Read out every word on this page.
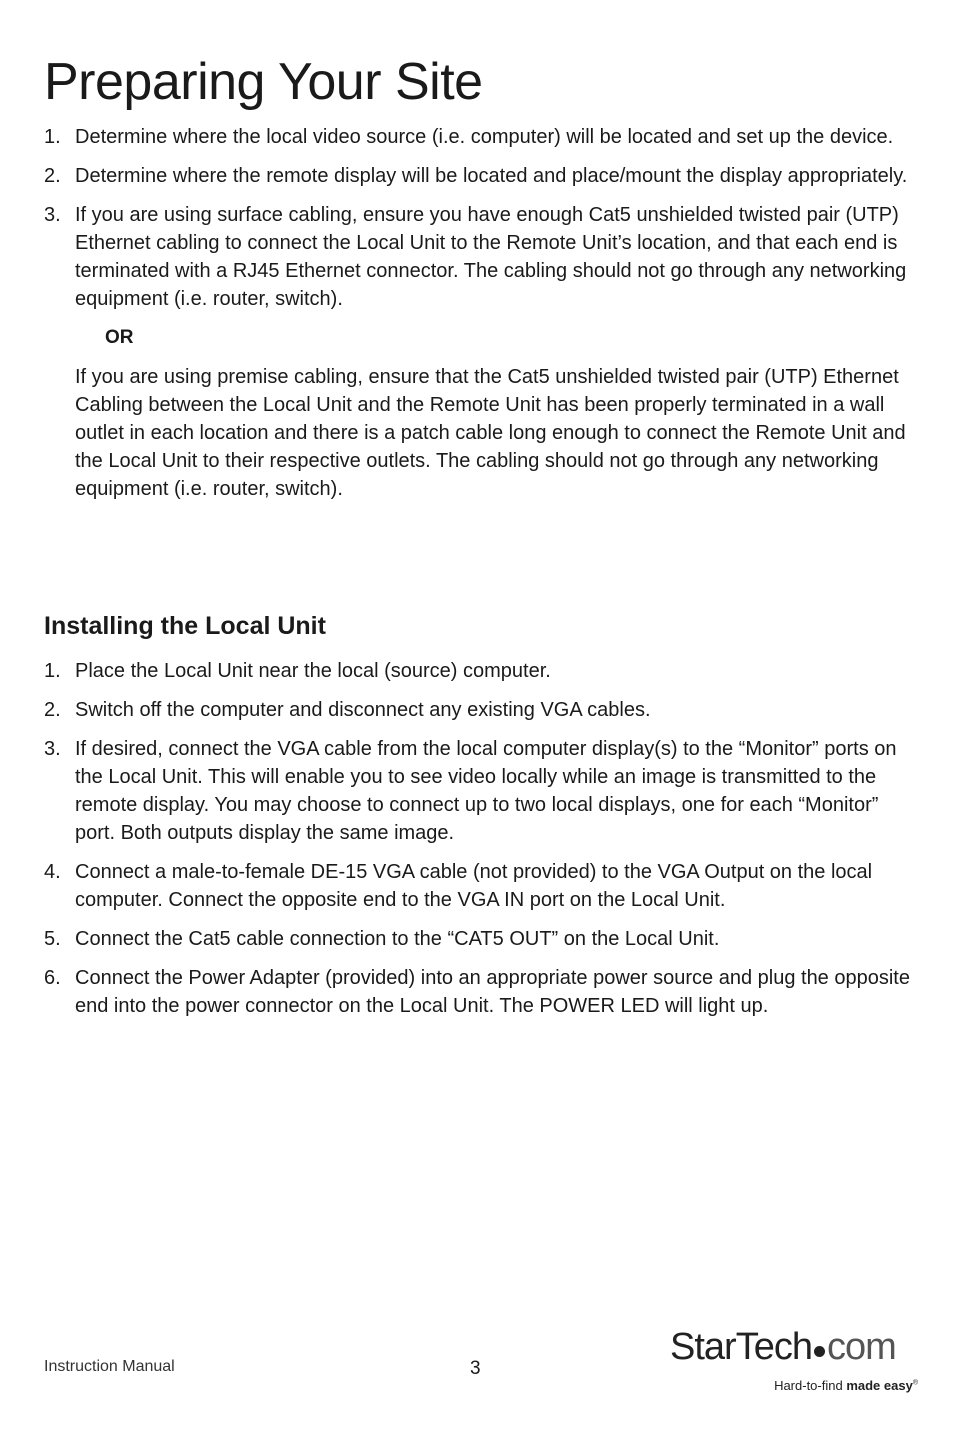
Preparing Your Site
1. Determine where the local video source (i.e. computer) will be located and set up the device.
2. Determine where the remote display will be located and place/mount the display appropriately.
3. If you are using surface cabling, ensure you have enough Cat5 unshielded twisted pair (UTP) Ethernet cabling to connect the Local Unit to the Remote Unit’s location, and that each end is terminated with a RJ45 Ethernet connector. The cabling should not go through any networking equipment (i.e. router, switch).
OR
If you are using premise cabling, ensure that the Cat5 unshielded twisted pair (UTP) Ethernet Cabling between the Local Unit and the Remote Unit has been properly terminated in a wall outlet in each location and there is a patch cable long enough to connect the Remote Unit and the Local Unit to their respective outlets. The cabling should not go through any networking equipment (i.e. router, switch).
Installing the Local Unit
1. Place the Local Unit near the local (source) computer.
2. Switch off the computer and disconnect any existing VGA cables.
3. If desired, connect the VGA cable from the local computer display(s) to the “Monitor” ports on the Local Unit. This will enable you to see video locally while an image is transmitted to the remote display. You may choose to connect up to two local displays, one for each “Monitor” port. Both outputs display the same image.
4. Connect a male-to-female DE-15 VGA cable (not provided) to the VGA Output on the local computer. Connect the opposite end to the VGA IN port on the Local Unit.
5. Connect the Cat5 cable connection to the “CAT5 OUT” on the Local Unit.
6. Connect the Power Adapter (provided) into an appropriate power source and plug the opposite end into the power connector on the Local Unit. The POWER LED will light up.
Instruction Manual	3
StarTech com
Hard-to-find made easy®
